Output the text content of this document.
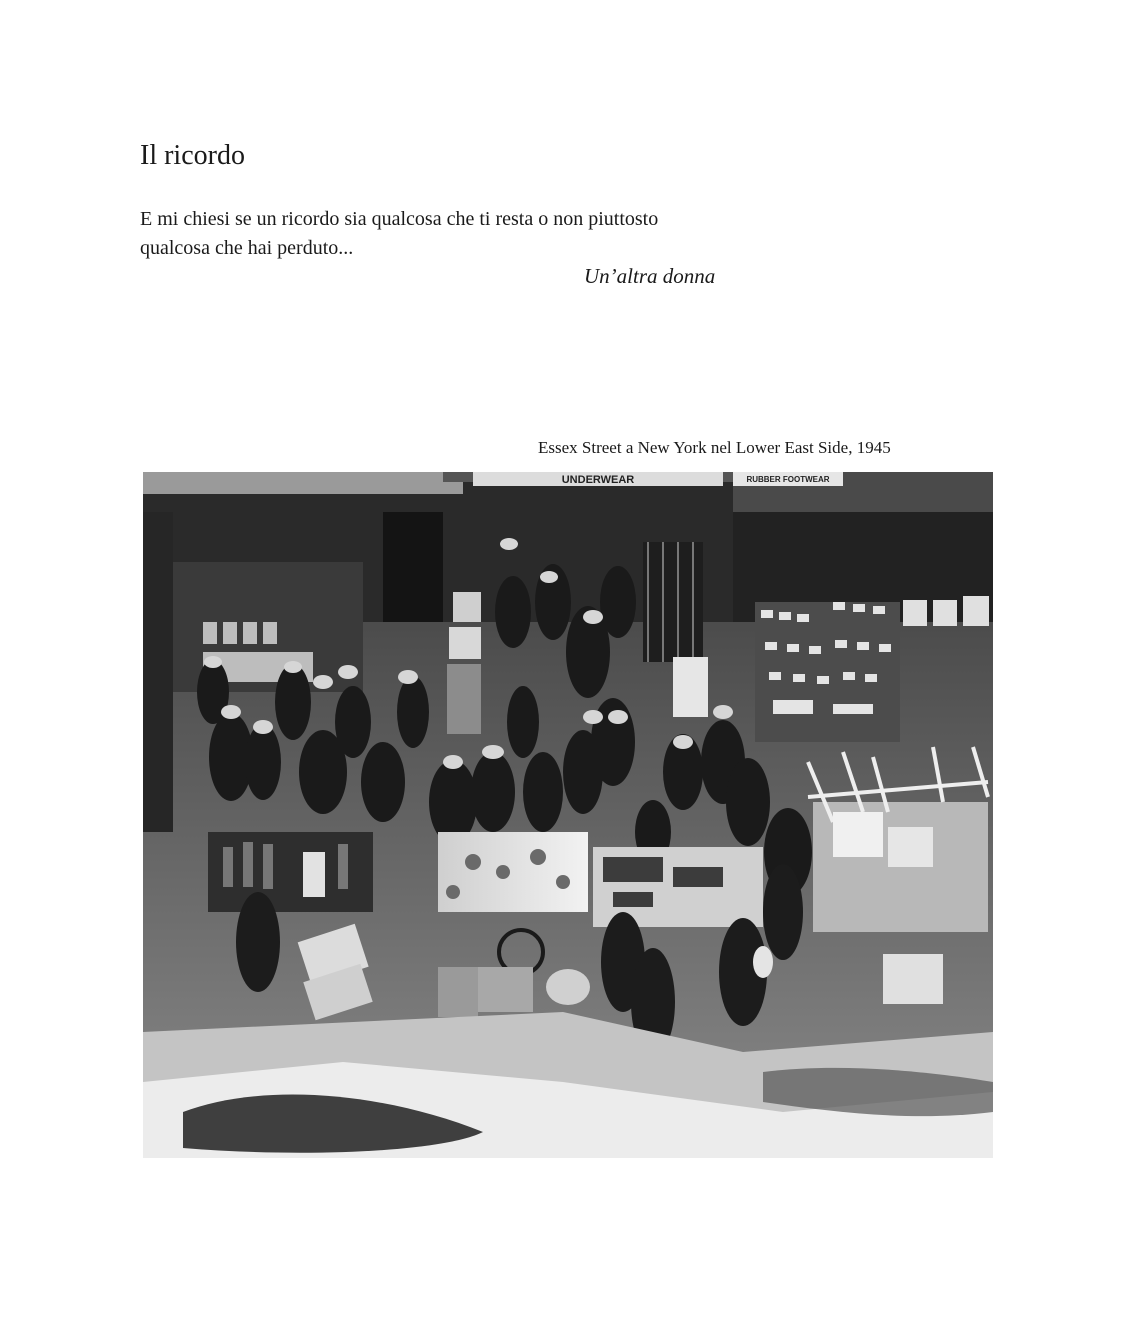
Il ricordo

E mi chiesi se un ricordo sia qualcosa che ti resta o non piuttosto qualcosa che hai perduto...

Un’altra donna
Essex Street a New York nel Lower East Side, 1945
UNDERWEAR	RUBBER FOOTWEAR
